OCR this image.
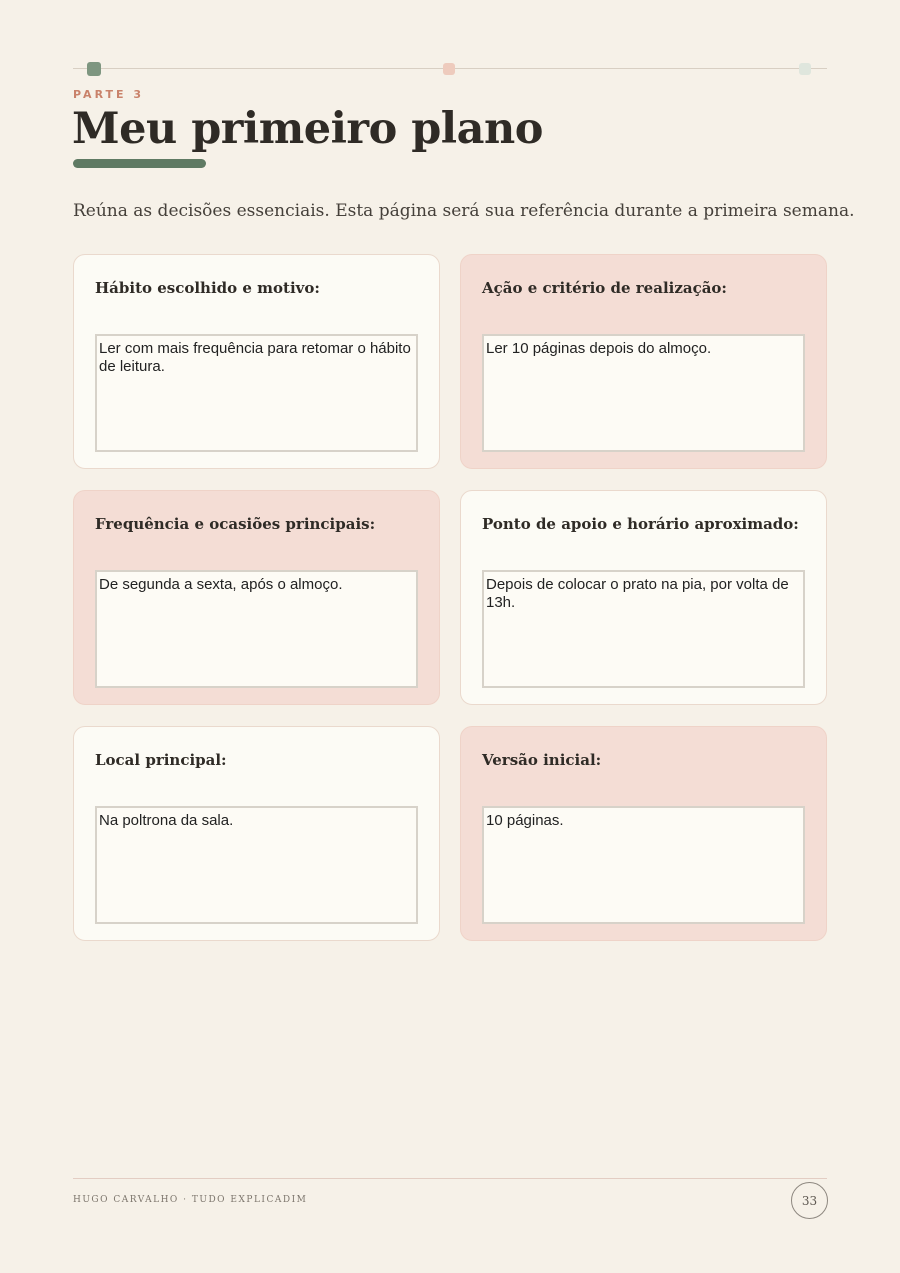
PARTE 3
Meu primeiro plano

Reúna as decisões essenciais. Esta página será sua referência durante a primeira semana.

Hábito escolhido e motivo:
Ler com mais frequência para retomar o hábito de leitura.
Ação e critério de realização:
Ler 10 páginas depois do almoço.
Frequência e ocasiões principais:
De segunda a sexta, após o almoço.
Ponto de apoio e horário aproximado:
Depois de colocar o prato na pia, por volta de 13h.
Local principal:
Na poltrona da sala.
Versão inicial:
10 páginas.
HUGO CARVALHO · TUDO EXPLICADIM	33
